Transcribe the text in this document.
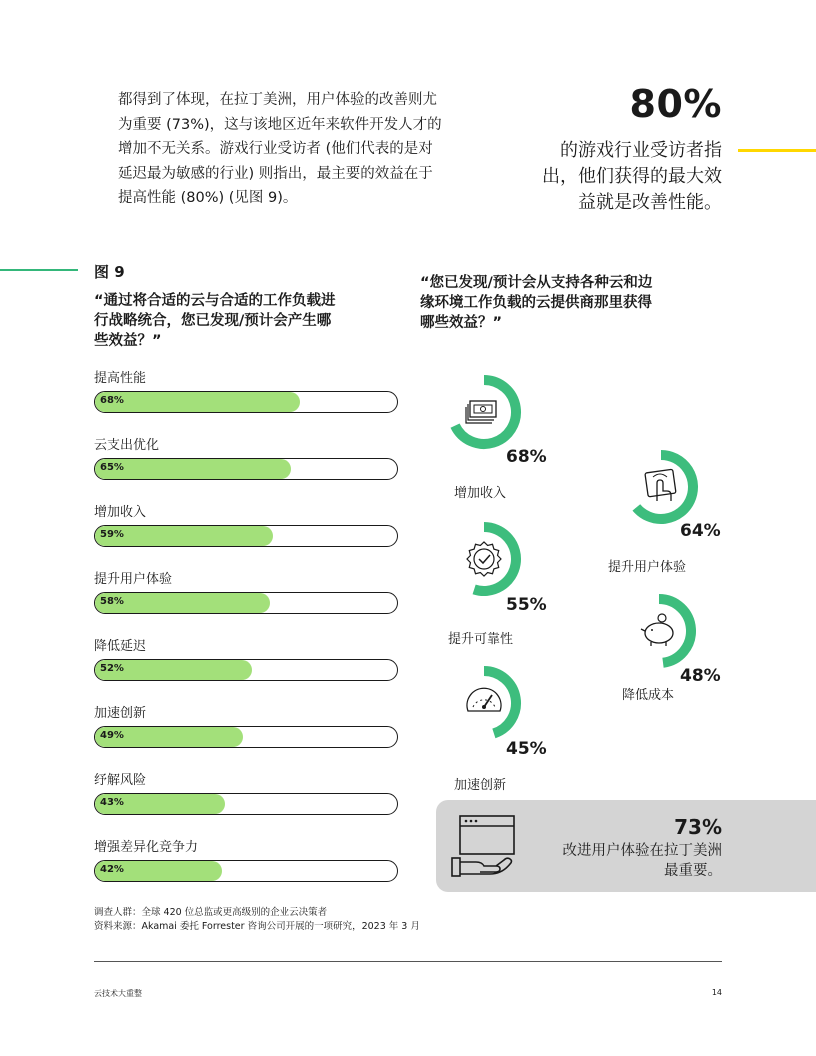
都得到了体现，在拉丁美洲，用户体验的改善则尤
为重要 (73%)，这与该地区近年来软件开发人才的
增加不无关系。游戏行业受访者 (他们代表的是对
延迟最为敏感的行业) 则指出，最主要的效益在于
提高性能 (80%) (见图 9)。
80%
的游戏行业受访者指
出，他们获得的最大效
益就是改善性能。
图 9
“通过将合适的云与合适的工作负载进
行战略统合，您已发现/预计会产生哪
些效益？”
“您已发现/预计会从支持各种云和边
缘环境工作负载的云提供商那里获得
哪些效益？”
提高性能
68%
云支出优化
65%
增加收入
59%
提升用户体验
58%
降低延迟
52%
加速创新
49%
纾解风险
43%
增强差异化竞争力
42%
68%
增加收入
64%
提升用户体验
55%
提升可靠性
48%
降低成本
45%
加速创新
73%
改进用户体验在拉丁美洲
最重要。
调查人群：全球 420 位总监或更高级别的企业云决策者
资料来源：Akamai 委托 Forrester 咨询公司开展的一项研究，2023 年 3 月
云技术大重整	14
